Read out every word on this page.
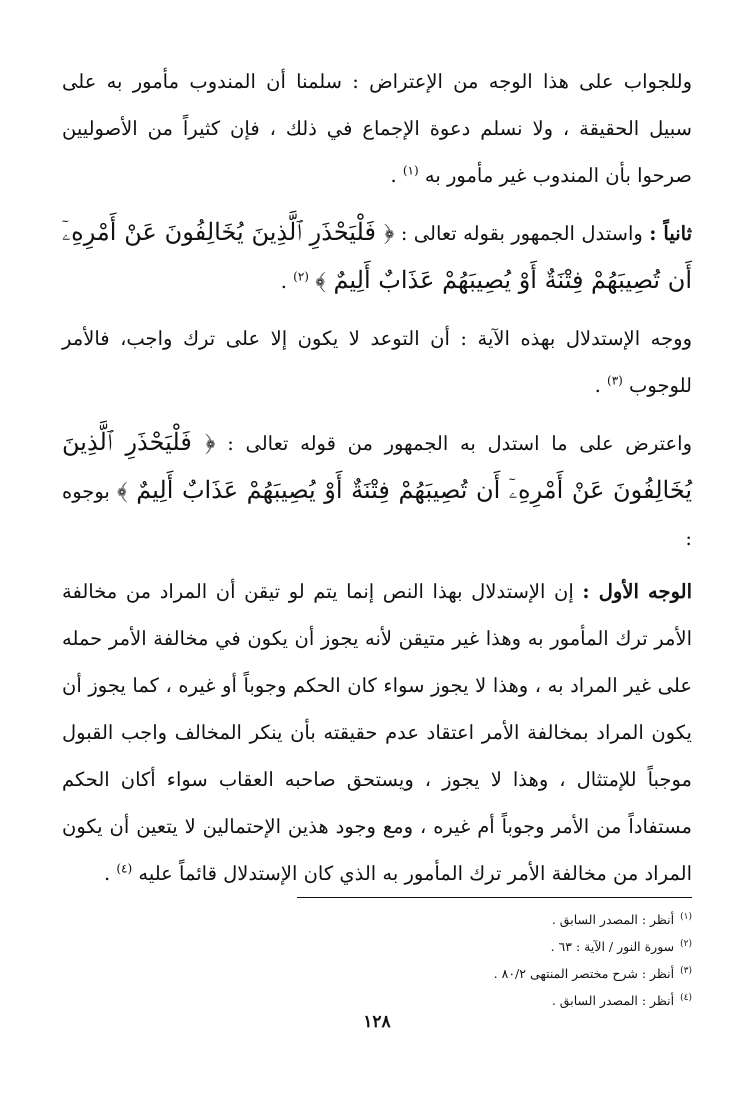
وللجواب على هذا الوجه من الإعتراض : سلمنا أن المندوب مأمور به على سبيل الحقيقة ، ولا نسلم دعوة الإجماع في ذلك ، فإن كثيراً من الأصوليين صرحوا بأن المندوب غير مأمور به $^{(١)}$ .

ثانياً : واستدل الجمهور بقوله تعالى : ﴿ فَلْيَحْذَرِ ٱلَّذِينَ يُخَالِفُونَ عَنْ أَمْرِهِۦٓ أَن تُصِيبَهُمْ فِتْنَةٌ أَوْ يُصِيبَهُمْ عَذَابٌ أَلِيمٌ ﴾ $^{(٢)}$ .

ووجه الإستدلال بهذه الآية : أن التوعد لا يكون إلا على ترك واجب، فالأمر للوجوب $^{(٣)}$ .

واعترض على ما استدل به الجمهور من قوله تعالى : ﴿ فَلْيَحْذَرِ ٱلَّذِينَ يُخَالِفُونَ عَنْ أَمْرِهِۦٓ أَن تُصِيبَهُمْ فِتْنَةٌ أَوْ يُصِيبَهُمْ عَذَابٌ أَلِيمٌ ﴾ بوجوه :

الوجه الأول : إن الإستدلال بهذا النص إنما يتم لو تيقن أن المراد من مخالفة الأمر ترك المأمور به وهذا غير متيقن لأنه يجوز أن يكون في مخالفة الأمر حمله على غير المراد به ، وهذا لا يجوز سواء كان الحكم وجوباً أو غيره ، كما يجوز أن يكون المراد بمخالفة الأمر اعتقاد عدم حقيقته بأن ينكر المخالف واجب القبول موجباً للإمتثال ، وهذا لا يجوز ، ويستحق صاحبه العقاب سواء أكان الحكم مستفاداً من الأمر وجوباً أم غيره ، ومع وجود هذين الإحتمالين لا يتعين أن يكون المراد من مخالفة الأمر ترك المأمور به الذي كان الإستدلال قائماً عليه $^{(٤)}$ .

$^{(١)}$أنظر : المصدر السابق .

$^{(٢)}$سورة النور / الآية : ٦٣ .

$^{(٣)}$أنظر : شرح مختصر المنتهى ٨٠/٢ .

$^{(٤)}$أنظر : المصدر السابق .

١٢٨
